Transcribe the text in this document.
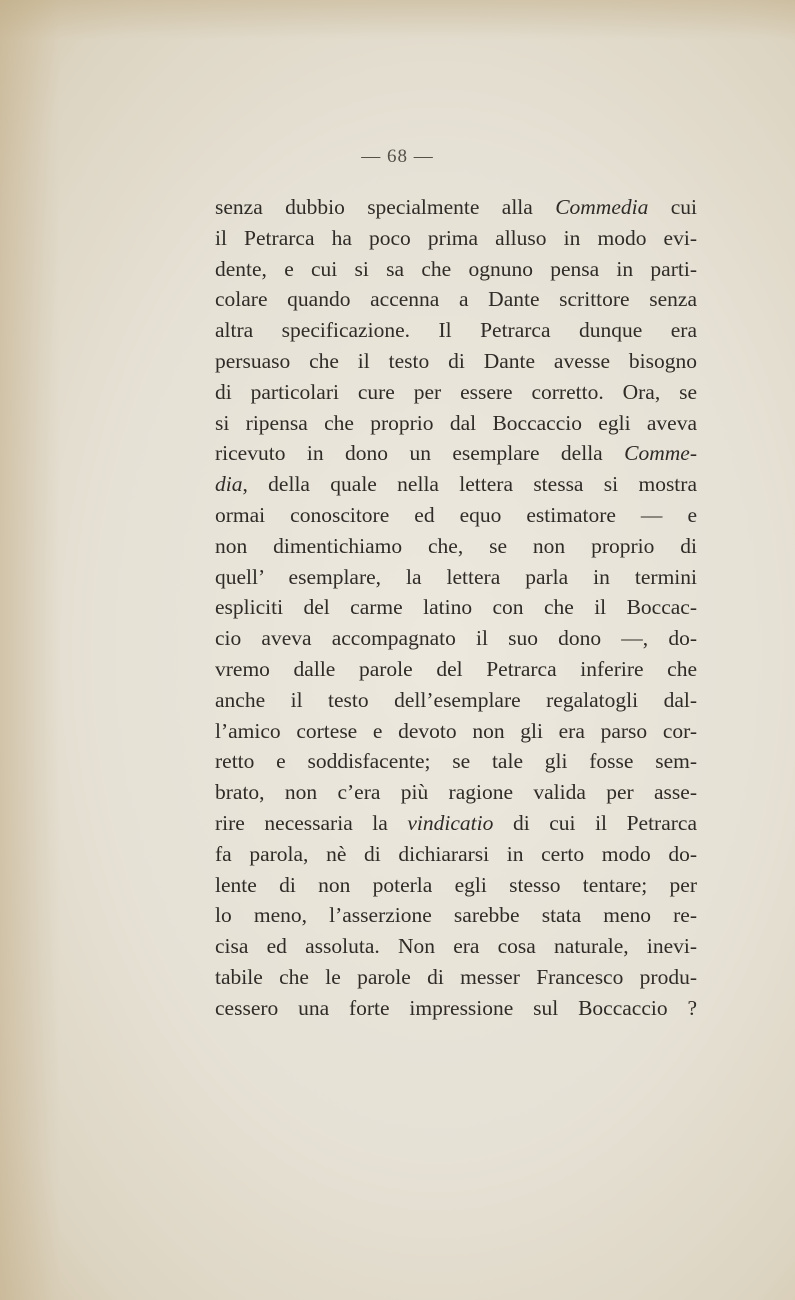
— 68 —
senza dubbio specialmente alla Commedia cui
il Petrarca ha poco prima alluso in modo evi-
dente, e cui si sa che ognuno pensa in parti-
colare quando accenna a Dante scrittore senza
altra specificazione. Il Petrarca dunque era
persuaso che il testo di Dante avesse bisogno
di particolari cure per essere corretto. Ora, se
si ripensa che proprio dal Boccaccio egli aveva
ricevuto in dono un esemplare della Comme-
dia, della quale nella lettera stessa si mostra
ormai conoscitore ed equo estimatore — e
non dimentichiamo che, se non proprio di
quell’ esemplare, la lettera parla in termini
espliciti del carme latino con che il Boccac-
cio aveva accompagnato il suo dono —, do-
vremo dalle parole del Petrarca inferire che
anche il testo dell’esemplare regalatogli dal-
l’amico cortese e devoto non gli era parso cor-
retto e soddisfacente; se tale gli fosse sem-
brato, non c’era più ragione valida per asse-
rire necessaria la vindicatio di cui il Petrarca
fa parola, nè di dichiararsi in certo modo do-
lente di non poterla egli stesso tentare; per
lo meno, l’asserzione sarebbe stata meno re-
cisa ed assoluta. Non era cosa naturale, inevi-
tabile che le parole di messer Francesco produ-
cessero una forte impressione sul Boccaccio ?
